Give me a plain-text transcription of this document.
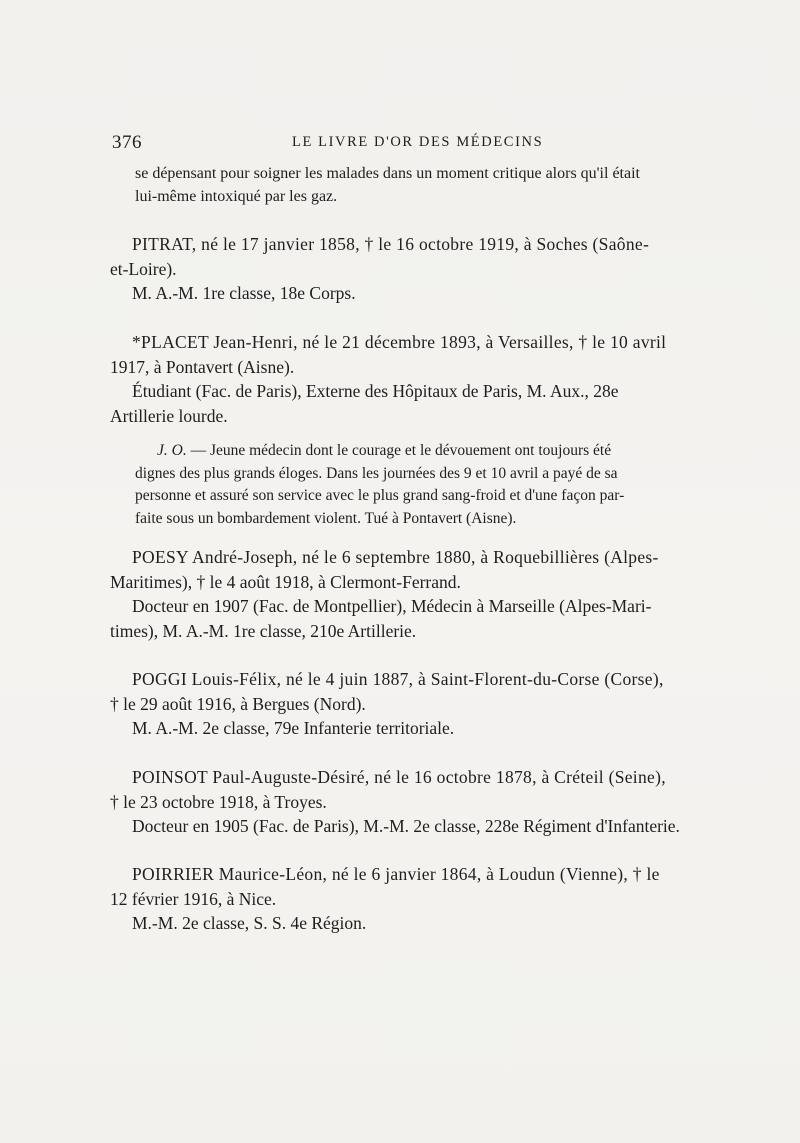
376	LE LIVRE D'OR DES MÉDECINS
se dépensant pour soigner les malades dans un moment critique alors qu'il était
lui-même intoxiqué par les gaz.
PITRAT, né le 17 janvier 1858, † le 16 octobre 1919, à Soches (Saône-
et-Loire).
M. A.-M. 1re classe, 18e Corps.
*PLACET Jean-Henri, né le 21 décembre 1893, à Versailles, † le 10 avril
1917, à Pontavert (Aisne).
Étudiant (Fac. de Paris), Externe des Hôpitaux de Paris, M. Aux., 28e
Artillerie lourde.
J. O. — Jeune médecin dont le courage et le dévouement ont toujours été
dignes des plus grands éloges. Dans les journées des 9 et 10 avril a payé de sa
personne et assuré son service avec le plus grand sang-froid et d'une façon par-
faite sous un bombardement violent. Tué à Pontavert (Aisne).
POESY André-Joseph, né le 6 septembre 1880, à Roquebillières (Alpes-
Maritimes), † le 4 août 1918, à Clermont-Ferrand.
Docteur en 1907 (Fac. de Montpellier), Médecin à Marseille (Alpes-Mari-
times), M. A.-M. 1re classe, 210e Artillerie.
POGGI Louis-Félix, né le 4 juin 1887, à Saint-Florent-du-Corse (Corse),
† le 29 août 1916, à Bergues (Nord).
M. A.-M. 2e classe, 79e Infanterie territoriale.
POINSOT Paul-Auguste-Désiré, né le 16 octobre 1878, à Créteil (Seine),
† le 23 octobre 1918, à Troyes.
Docteur en 1905 (Fac. de Paris), M.-M. 2e classe, 228e Régiment d'Infanterie.
POIRRIER Maurice-Léon, né le 6 janvier 1864, à Loudun (Vienne), † le
12 février 1916, à Nice.
M.-M. 2e classe, S. S. 4e Région.
